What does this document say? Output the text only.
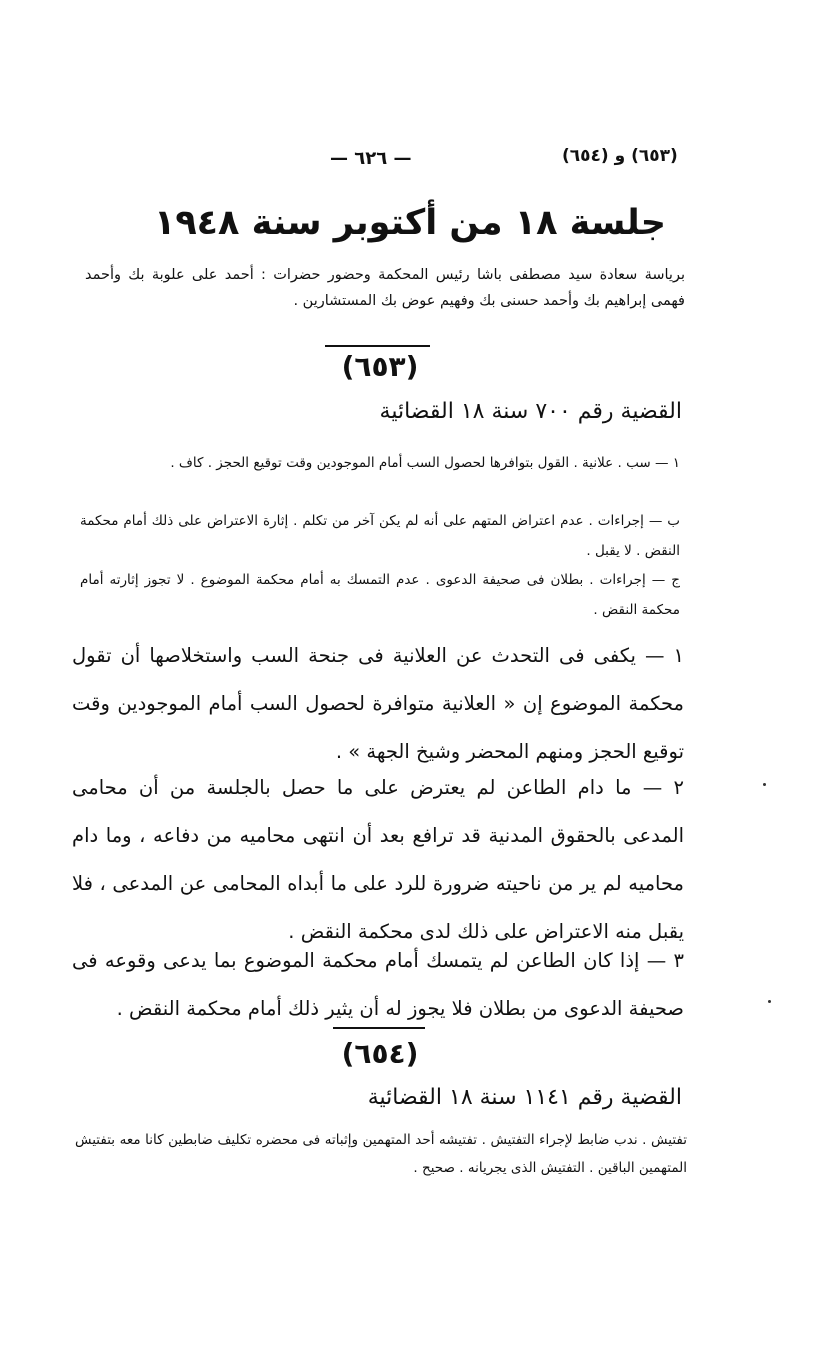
(٦٥٣) و (٦٥٤)
— ٦٢٦ —
جلسة ١٨ من أكتوبر سنة ١٩٤٨
برياسة سعادة سيد مصطفى باشا رئيس المحكمة وحضور حضرات : أحمد على علوبة بك وأحمد فهمى إبراهيم بك وأحمد حسنى بك وفهيم عوض بك المستشارين .
(٦٥٣)
القضية رقم ٧٠٠ سنة ١٨ القضائية
١ — سب . علانية . القول بتوافرها لحصول السب أمام الموجودين وقت توقيع الحجز . كاف .
ب — إجراءات . عدم اعتراض المتهم على أنه لم يكن آخر من تكلم . إثارة الاعتراض على ذلك أمام محكمة النقض . لا يقبل .
ج — إجراءات . بطلان فى صحيفة الدعوى . عدم التمسك به أمام محكمة الموضوع . لا تجوز إثارته أمام محكمة النقض .
١ — يكفى فى التحدث عن العلانية فى جنحة السب واستخلاصها أن تقول محكمة الموضوع إن « العلانية متوافرة لحصول السب أمام الموجودين وقت توقيع الحجز ومنهم المحضر وشيخ الجهة » .
٢ — ما دام الطاعن لم يعترض على ما حصل بالجلسة من أن محامى المدعى بالحقوق المدنية قد ترافع بعد أن انتهى محاميه من دفاعه ، وما دام محاميه لم ير من ناحيته ضرورة للرد على ما أبداه المحامى عن المدعى ، فلا يقبل منه الاعتراض على ذلك لدى محكمة النقض .
٣ — إذا كان الطاعن لم يتمسك أمام محكمة الموضوع بما يدعى وقوعه فى صحيفة الدعوى من بطلان فلا يجوز له أن يثير ذلك أمام محكمة النقض .
(٦٥٤)
القضية رقم ١١٤١ سنة ١٨ القضائية
تفتيش . ندب ضابط لإجراء التفتيش . تفتيشه أحد المتهمين وإثباته فى محضره تكليف ضابطين كانا معه بتفتيش المتهمين الباقين . التفتيش الذى يجريانه . صحيح .
